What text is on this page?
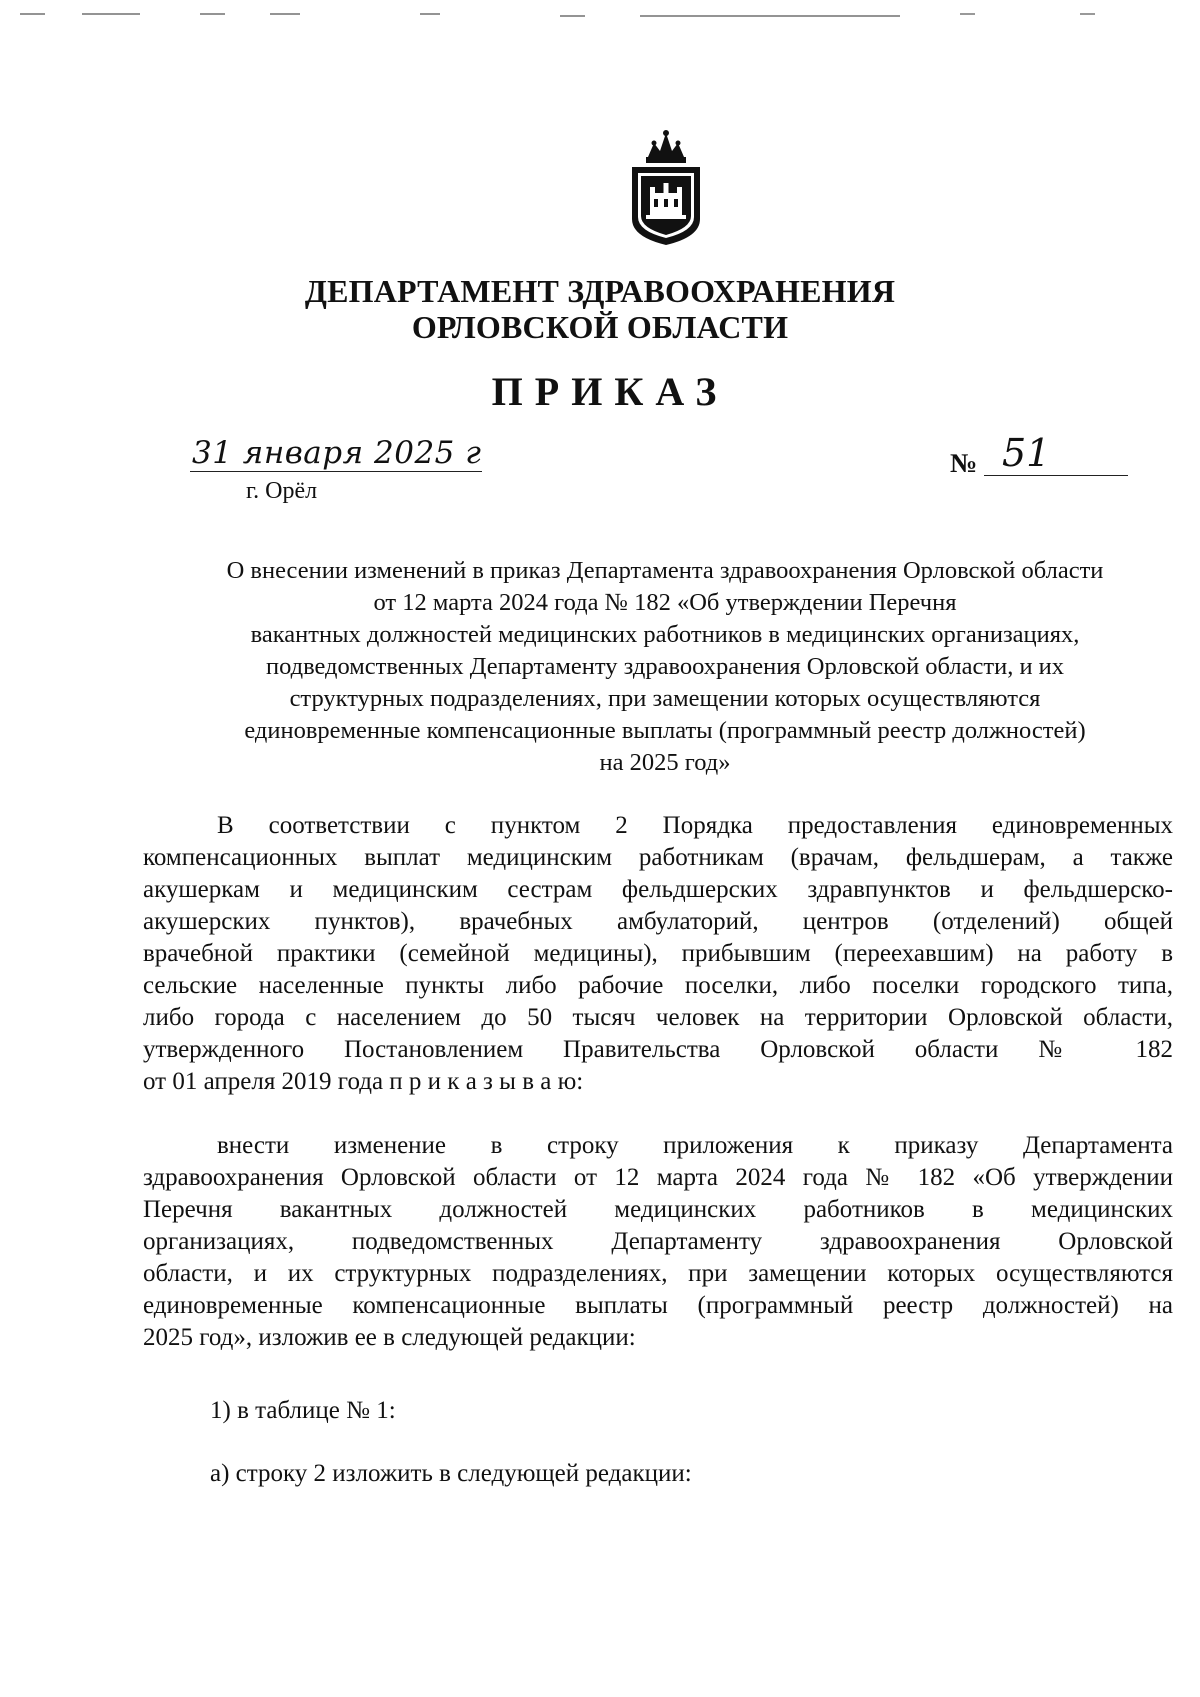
ДЕПАРТАМЕНТ ЗДРАВООХРАНЕНИЯ
ОРЛОВСКОЙ ОБЛАСТИ
ПРИКАЗ
31 января 2025 г
г. Орёл
№ 51
О внесении изменений в приказ Департамента здравоохранения Орловской области
от 12 марта 2024 года № 182 «Об утверждении Перечня
вакантных должностей медицинских работников в медицинских организациях,
подведомственных Департаменту здравоохранения Орловской области, и их
структурных подразделениях, при замещении которых осуществляются
единовременные компенсационные выплаты (программный реестр должностей)
на 2025 год»
В соответствии с пунктом 2 Порядка предоставления единовременных
компенсационных выплат медицинским работникам (врачам, фельдшерам, а также
акушеркам и медицинским сестрам фельдшерских здравпунктов и фельдшерско-
акушерских пунктов), врачебных амбулаторий, центров (отделений) общей
врачебной практики (семейной медицины), прибывшим (переехавшим) на работу в
сельские населенные пункты либо рабочие поселки, либо поселки городского типа,
либо города с населением до 50 тысяч человек на территории Орловской области,
утвержденного Постановлением Правительства Орловской области № 182
от 01 апреля 2019 года п р и к а з ы в а ю:
внести изменение в строку приложения к приказу Департамента
здравоохранения Орловской области от 12 марта 2024 года № 182 «Об утверждении
Перечня вакантных должностей медицинских работников в медицинских
организациях, подведомственных Департаменту здравоохранения Орловской
области, и их структурных подразделениях, при замещении которых осуществляются
единовременные компенсационные выплаты (программный реестр должностей) на
2025 год», изложив ее в следующей редакции:
1) в таблице № 1:
а) строку 2 изложить в следующей редакции:
